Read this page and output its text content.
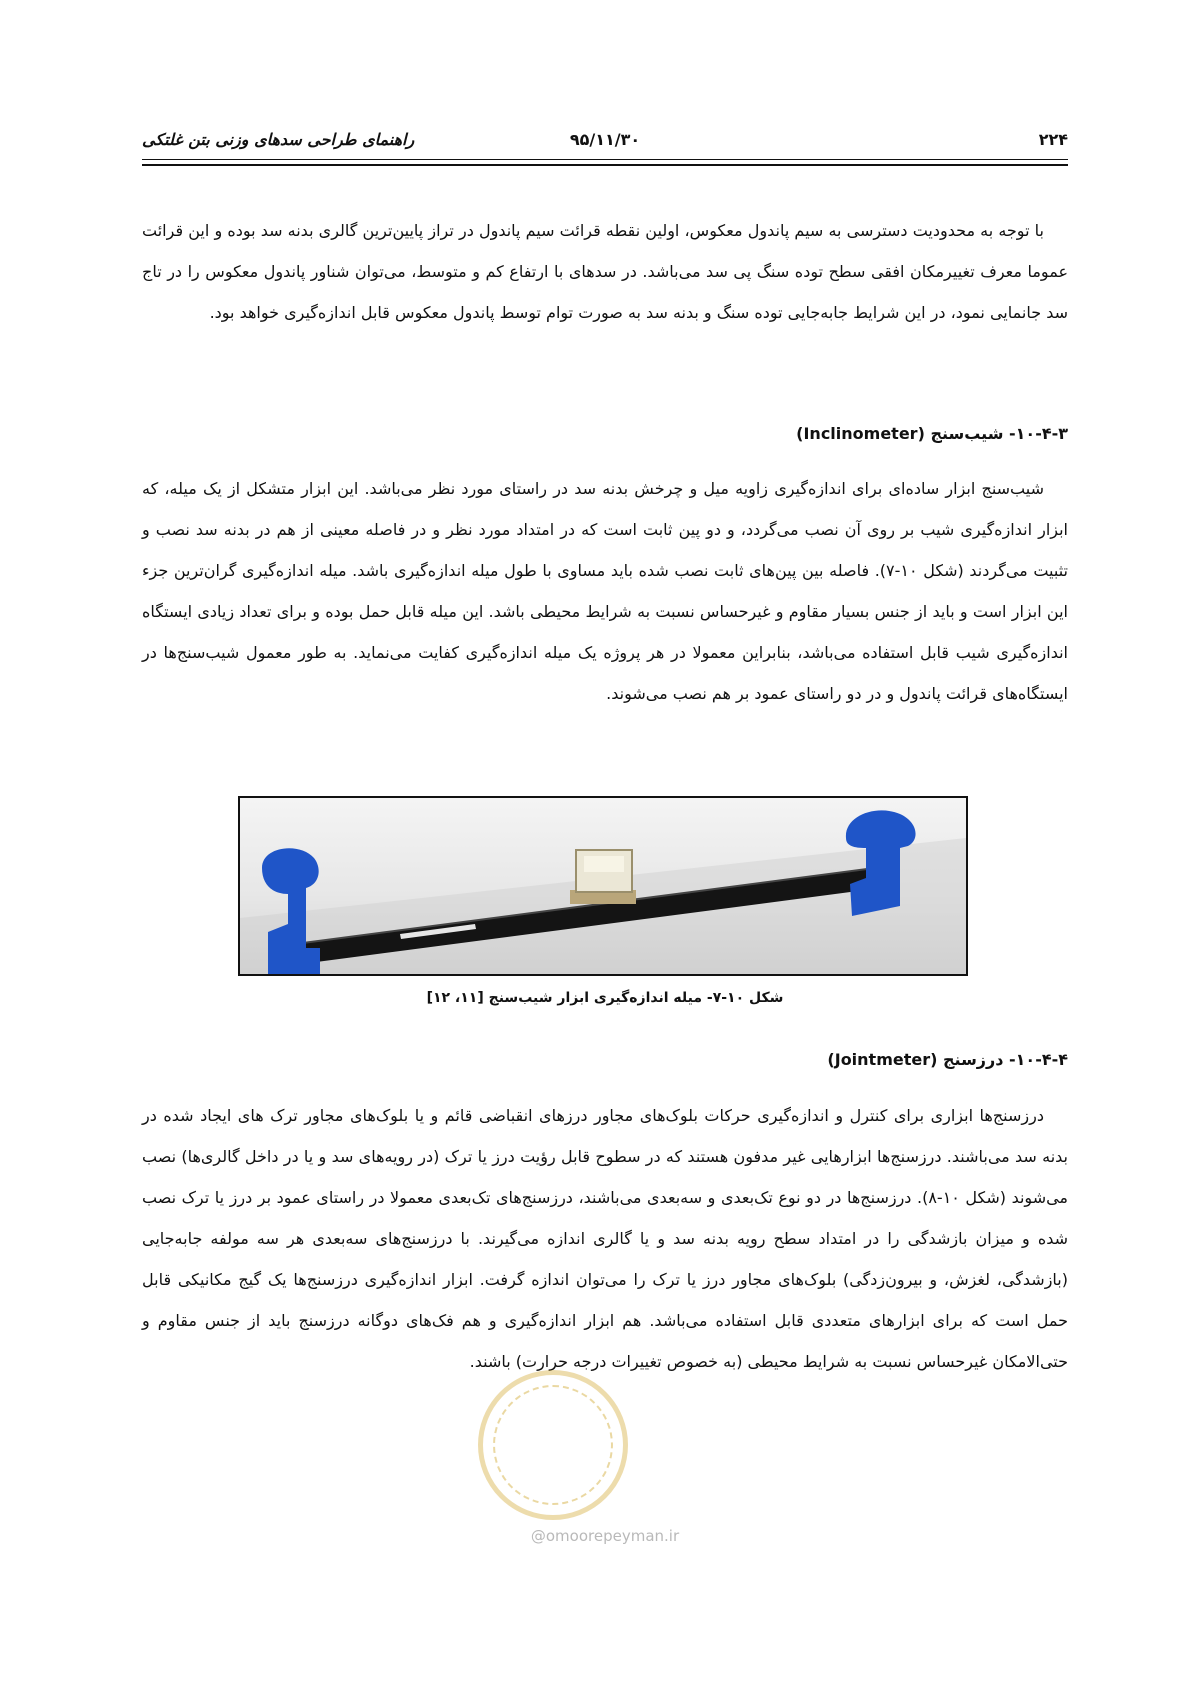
۲۲۴
۹۵/۱۱/۳۰
راهنمای طراحی سدهای وزنی بتن غلتکی

با توجه به محدودیت دسترسی به سیم پاندول معکوس، اولین نقطه قرائت سیم پاندول در تراز پایین‌ترین گالری بدنه سد بوده و این قرائت عموما معرف تغییرمکان افقی سطح توده سنگ پی سد می‌باشد. در سدهای با ارتفاع کم و متوسط، می‌توان شناور پاندول معکوس را در تاج سد جانمایی نمود، در این شرایط جابه‌جایی توده سنگ و بدنه سد به صورت توام توسط پاندول معکوس قابل اندازه‌گیری خواهد بود.

۱۰-۴-۳- شیب‌سنج (Inclinometer)

شیب‌سنج ابزار ساده‌ای برای اندازه‌گیری زاویه میل و چرخش بدنه سد در راستای مورد نظر می‌باشد. این ابزار متشکل از یک میله، که ابزار اندازه‌گیری شیب بر روی آن نصب می‌گردد، و دو پین ثابت است که در امتداد مورد نظر و در فاصله معینی از هم در بدنه سد نصب و تثبیت می‌گردند (شکل ۱۰-۷). فاصله بین پین‌های ثابت نصب شده باید مساوی با طول میله اندازه‌گیری باشد. میله اندازه‌گیری گران‌ترین جزء این ابزار است و باید از جنس بسیار مقاوم و غیرحساس نسبت به شرایط محیطی باشد. این میله قابل حمل بوده و برای تعداد زیادی ایستگاه اندازه‌گیری شیب قابل استفاده می‌باشد، بنابراین معمولا در هر پروژه یک میله اندازه‌گیری کفایت می‌نماید. به طور معمول شیب‌سنج‌ها در ایستگاه‌های قرائت پاندول و در دو راستای عمود بر هم نصب می‌شوند.

شکل ۱۰-۷- میله اندازه‌گیری ابزار شیب‌سنج [۱۱، ۱۲]

۱۰-۴-۴- درزسنج (Jointmeter)

درزسنج‌ها ابزاری برای کنترل و اندازه‌گیری حرکات بلوک‌های مجاور درزهای انقباضی قائم و یا بلوک‌های مجاور ترک های ایجاد شده در بدنه سد می‌باشند. درزسنج‌ها ابزارهایی غیر مدفون هستند که در سطوح قابل رؤیت درز یا ترک (در رویه‌های سد و یا در داخل گالری‌ها) نصب می‌شوند (شکل ۱۰-۸). درزسنج‌ها در دو نوع تک‌بعدی و سه‌بعدی می‌باشند، درزسنج‌های تک‌بعدی معمولا در راستای عمود بر درز یا ترک نصب شده و میزان بازشدگی را در امتداد سطح رویه بدنه سد و یا گالری اندازه می‌گیرند. با درزسنج‌های سه‌بعدی هر سه مولفه جابه‌جایی (بازشدگی، لغزش، و بیرون‌زدگی) بلوک‌های مجاور درز یا ترک را می‌توان اندازه گرفت. ابزار اندازه‌گیری درزسنج‌ها یک گیج مکانیکی قابل حمل است که برای ابزارهای متعددی قابل استفاده می‌باشد. هم ابزار اندازه‌گیری و هم فک‌های دوگانه درزسنج باید از جنس مقاوم و حتی‌الامکان غیرحساس نسبت به شرایط محیطی (به خصوص تغییرات درجه حرارت) باشند.

@omoorepeyman.ir
